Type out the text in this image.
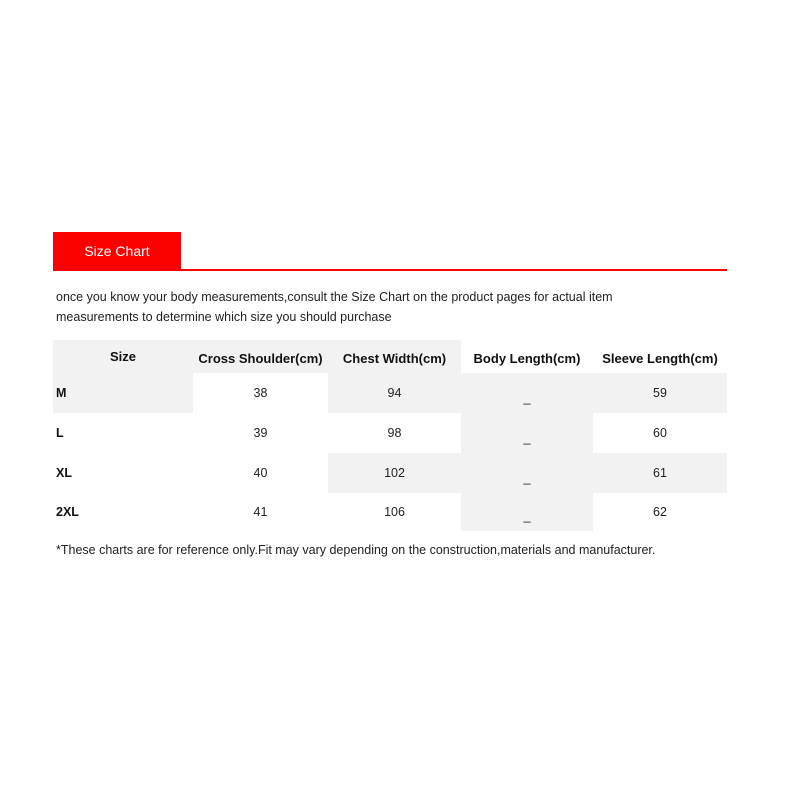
Size Chart
once you know your body measurements,consult the Size Chart on the product pages for actual item
measurements to determine which size you should purchase
Size	Cross Shoulder(cm)	Chest Width(cm)	Body Length(cm)	Sleeve Length(cm)
M	38	94	_	59
L	39	98	_	60
XL	40	102	_	61
2XL	41	106	_	62
*These charts are for reference only.Fit may vary depending on the construction,materials and manufacturer.
